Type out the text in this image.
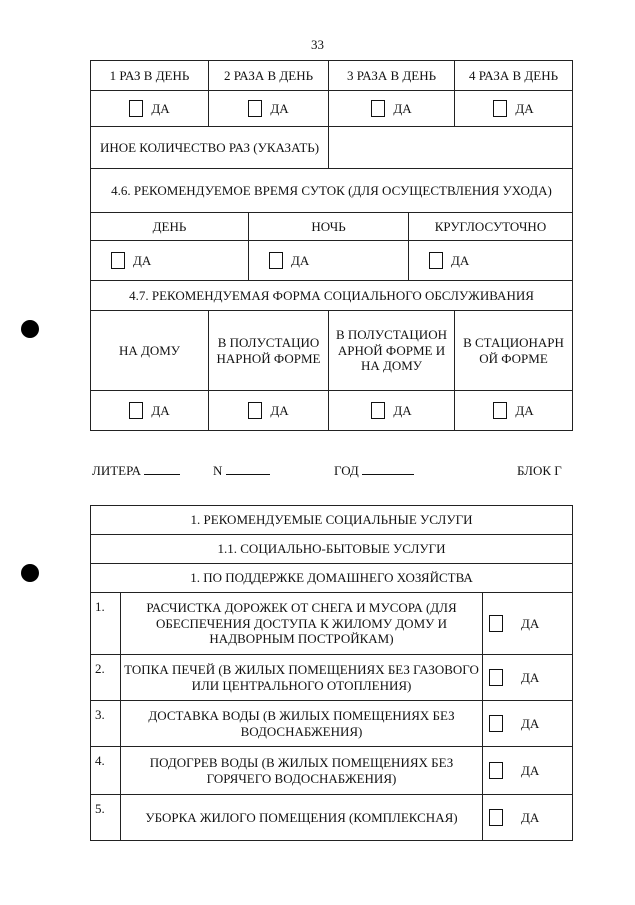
33
1 РАЗ В ДЕНЬ	2 РАЗА В ДЕНЬ		3 РАЗА В ДЕНЬ		4 РАЗА В ДЕНЬ
ДА	ДА		ДА		ДА
ИНОЕ КОЛИЧЕСТВО РАЗ (УКАЗАТЬ)					
4.6. РЕКОМЕНДУЕМОЕ ВРЕМЯ СУТОК (ДЛЯ ОСУЩЕСТВЛЕНИЯ УХОДА)					
ДЕНЬ		НОЧЬ		КРУГЛОСУТОЧНО	
ДА		ДА		ДА	
4.7. РЕКОМЕНДУЕМАЯ ФОРМА СОЦИАЛЬНОГО ОБСЛУЖИВАНИЯ					
НА ДОМУ	В ПОЛУСТАЦИО НАРНОЙ ФОРМЕ		В ПОЛУСТАЦИОН АРНОЙ ФОРМЕ И НА ДОМУ		В СТАЦИОНАРН ОЙ ФОРМЕ
ДА	ДА		ДА		ДА
ЛИТЕРА	N	ГОД	БЛОК Г
1. РЕКОМЕНДУЕМЫЕ СОЦИАЛЬНЫЕ УСЛУГИ		
1.1. СОЦИАЛЬНО-БЫТОВЫЕ УСЛУГИ		
1. ПО ПОДДЕРЖКЕ ДОМАШНЕГО ХОЗЯЙСТВА		
1.	РАСЧИСТКА ДОРОЖЕК ОТ СНЕГА И МУСОРА (ДЛЯ ОБЕСПЕЧЕНИЯ ДОСТУПА К ЖИЛОМУ ДОМУ И НАДВОРНЫМ ПОСТРОЙКАМ)	ДА
2.	ТОПКА ПЕЧЕЙ (В ЖИЛЫХ ПОМЕЩЕНИЯХ БЕЗ ГАЗОВОГО ИЛИ ЦЕНТРАЛЬНОГО ОТОПЛЕНИЯ)	ДА
3.	ДОСТАВКА ВОДЫ (В ЖИЛЫХ ПОМЕЩЕНИЯХ БЕЗ ВОДОСНАБЖЕНИЯ)	ДА
4.	ПОДОГРЕВ ВОДЫ (В ЖИЛЫХ ПОМЕЩЕНИЯХ БЕЗ ГОРЯЧЕГО ВОДОСНАБЖЕНИЯ)	ДА
5.	УБОРКА ЖИЛОГО ПОМЕЩЕНИЯ (КОМПЛЕКСНАЯ)	ДА
